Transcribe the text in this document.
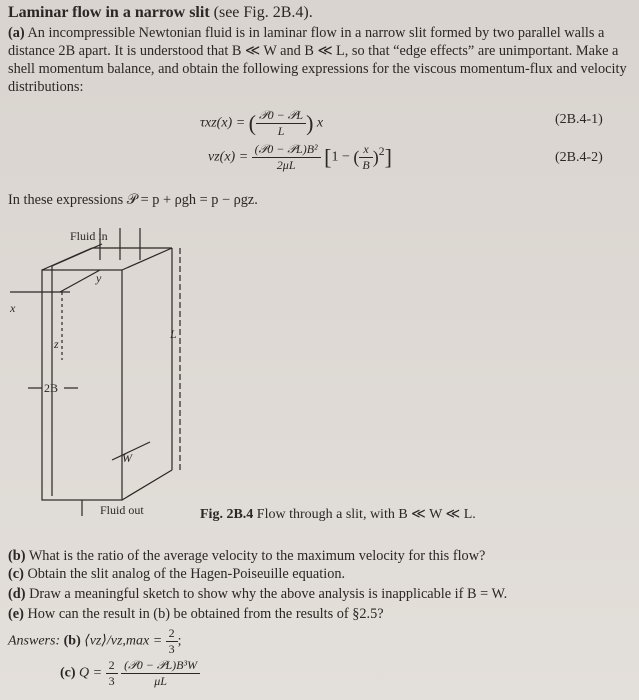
Laminar flow in a narrow slit (see Fig. 2B.4).
(a) An incompressible Newtonian fluid is in laminar flow in a narrow slit formed by two parallel walls a distance 2B apart. It is understood that B ≪ W and B ≪ L, so that “edge effects” are unimportant. Make a shell momentum balance, and obtain the following expressions for the viscous momentum-flux and velocity distributions:
τxz(x) = ( $\frac{\text{𝒫0 − 𝒫L}}{L}$ ) x	(2B.4-1)
$vz(x) = \frac{\text{(𝒫0 − 𝒫L)B²}}{2\mu L} [1$ − ( $\frac{x}{B} )^2$]	(2B.4-2)
In these expressions 𝒫 = p + ρgh = p − ρgz.
Fluid in
x
y
z
L
2B
W
Fluid out	Fig. 2B.4 Flow through a slit, with B ≪ W ≪ L.
(b) What is the ratio of the average velocity to the maximum velocity for this flow?
(c) Obtain the slit analog of the Hagen-Poiseuille equation.
(d) Draw a meaningful sketch to show why the above analysis is inapplicable if B = W.
(e) How can the result in (b) be obtained from the results of §2.5?
Answers: (b) ⟨vz⟩/vz,max = $\frac{2}{3}$ ;
(c) $Q = \frac{2}{3}$
$\frac{\text{(𝒫0 − 𝒫L)B³W}}{\mu L}$
